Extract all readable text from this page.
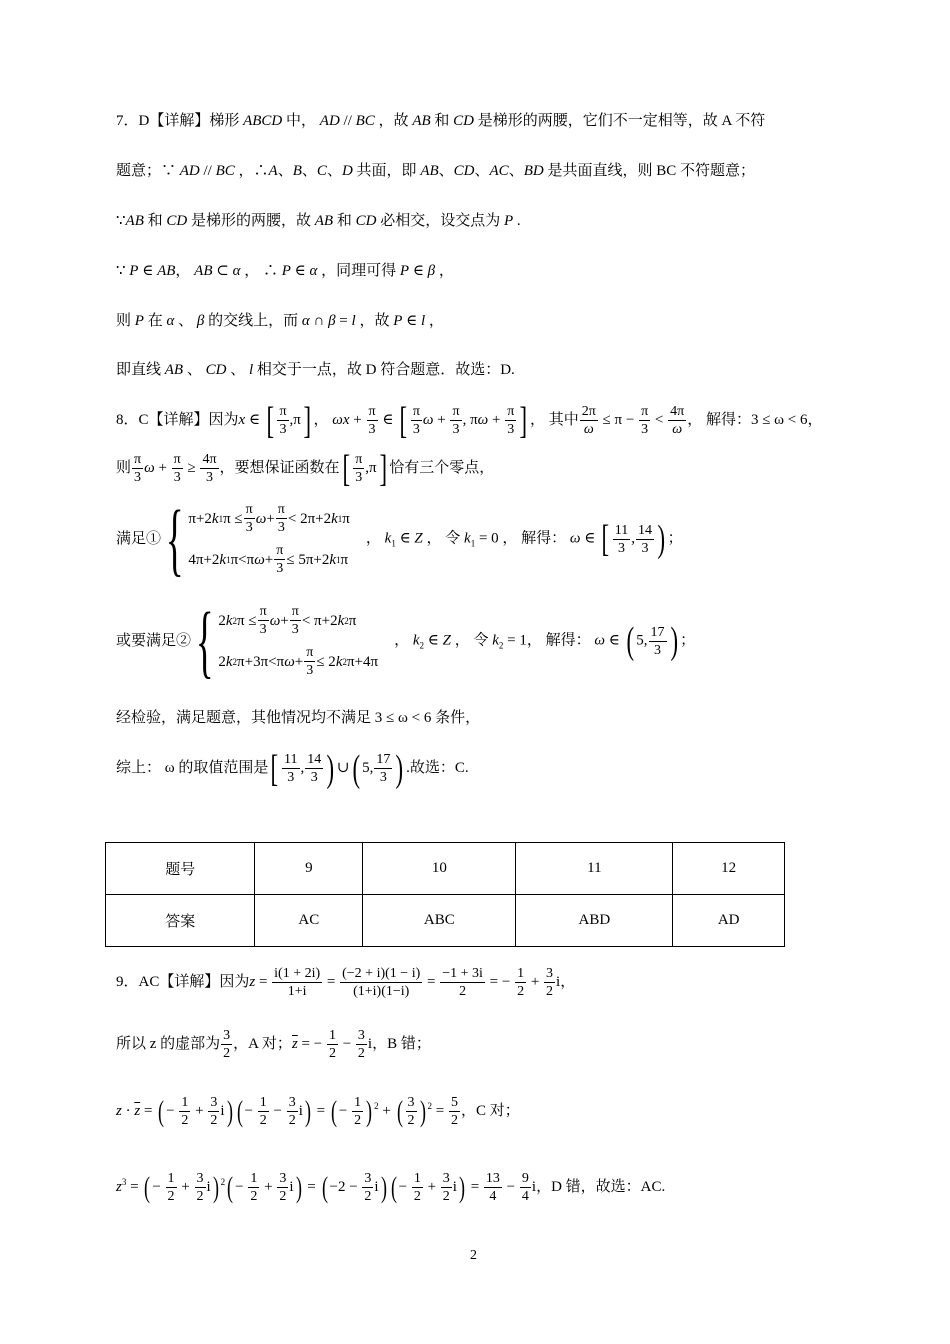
7．D【详解】梯形 ABCD 中， AD // BC ，故 AB 和 CD 是梯形的两腰，它们不一定相等，故 A 不符
题意；∵ AD // BC ，∴A、B、C、D 共面，即 AB、CD、AC、BD 是共面直线，则 BC 不符题意；
∵AB 和 CD 是梯形的两腰，故 AB 和 CD 必相交，设交点为 P .
∵ P ∈ AB， AB ⊂ α ， ∴ P ∈ α ，同理可得 P ∈ β ，
则 P 在 α 、 β 的交线上，而 α ∩ β = l ，故 P ∈ l ，
即直线 AB 、 CD 、 l 相交于一点，故 D 符合题意．故选：D.
8．C【详解】因为x ∈ [ $\frac{\pi}{3} ,\pi$] ， $\omega x + \frac{\pi}{3}$ ∈ [ $\frac{\pi}{3}$ $\omega + \frac{\pi}{3}$ , $\pi\omega + \frac{\pi}{3}$ ] ， 其中 $\frac{2\pi}{\omega} \le \pi - \frac{\pi}{3} < \frac{4\pi}{\omega}$ ， 解得：3 ≤ ω < 6，
则 $\frac{\pi}{3}$ $\omega + \frac{\pi}{3} \ge \frac{4\pi}{3}$ ，要想保证函数在[ $\frac{\pi}{3} ,\pi$] 恰有三个零点，
满足① { π+2 k 1 $\pi \le \frac{\pi}{3}$ $\omega + \frac{\pi}{3} < 2\pi+2$ k 1 π
4π+2 k 1 π<π $\omega + \frac{\pi}{3} \le 5\pi+2$ k 1 π
， $k_1$ ∈ Z ， 令 $k_1 = 0$ ， 解得： ω ∈ [ $\frac{11}{3}$ , $\frac{14}{3}$ ) ；
或要满足② { 2 k 2 $\pi \le \frac{\pi}{3}$ $\omega + \frac{\pi}{3} < \pi+2$ k 2 π
2 k 2 π+3π<π $\omega + \frac{\pi}{3} \le 2$ k 2 π+4π
， $k_2$ ∈ Z ， 令 $k_2 = 1$， 解得： ω ∈ ( 5, $\frac{17}{3}$ ) ；
经检验，满足题意，其他情况均不满足 3 ≤ ω < 6 条件，
综上： ω 的取值范围是[ $\frac{11}{3}$ , $\frac{14}{3}$ ) ∪( 5, $\frac{17}{3}$ ) .故选：C.
题号	9	10	11	12
答案	AC	ABC	ABD	AD
9．AC【详解】因为$z = \frac{i(1 + 2i)}{1+i} = \frac{(-2 + i)(1 - i)}{(1+i)(1-i)} = \frac{-1 + 3i}{2}$ = − $\frac{1}{2} + \frac{3}{2}$ i，
所以 z 的虚部为 $\frac{3}{2}$ ，A 对；$\overline{z}$ = − $\frac{1}{2} - \frac{3}{2}$ i，B 错；
$z \cdot \overline{z}$ = ( − $\frac{1}{2} + \frac{3}{2} i$) ( − $\frac{1}{2} - \frac{3}{2} i$) = ( − $\frac{1}{2}$ ) $^2$ + ( $\frac{3}{2}$ ) $^2 = \frac{5}{2}$ ，C 对；
$z^3$ = ( − $\frac{1}{2} + \frac{3}{2} i$) $^2( - \frac{1}{2} + \frac{3}{2} i)$ = ( $-2 - \frac{3}{2} i$) ( − $\frac{1}{2} + \frac{3}{2} i) = \frac{13}{4} - \frac{9}{4}$ i，D 错，故选：AC.
2
